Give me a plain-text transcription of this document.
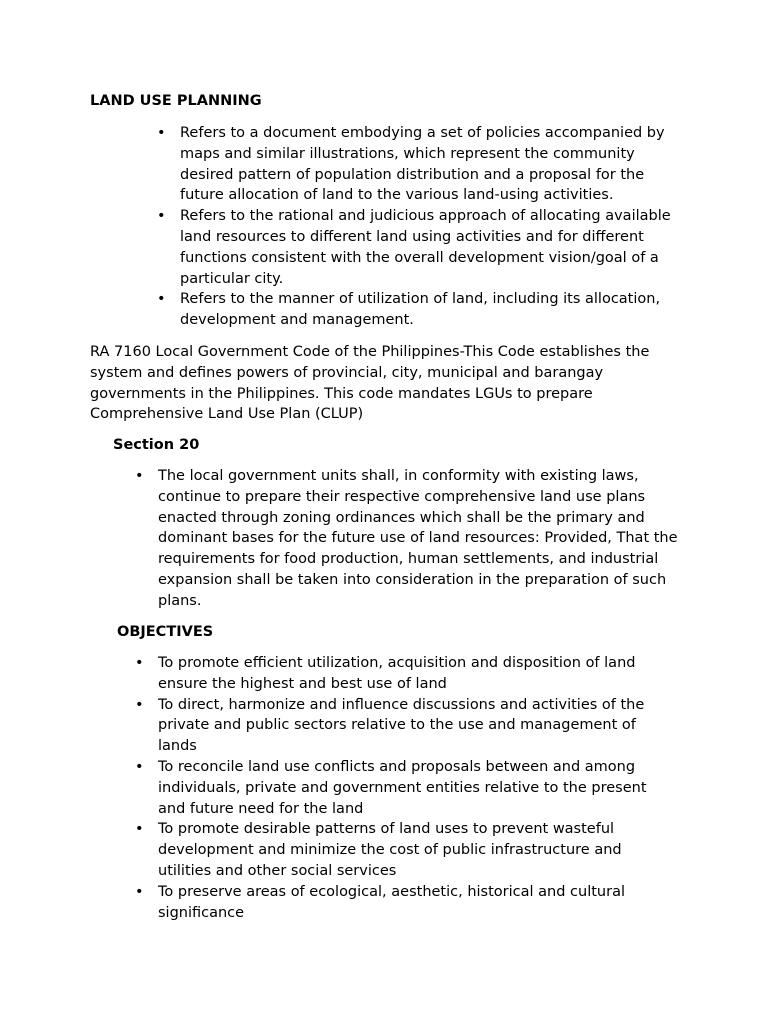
LAND USE PLANNING
• Refers to a document embodying a set of policies accompanied by maps and similar illustrations, which represent the community desired pattern of population distribution and a proposal for the future allocation of land to the various land-using activities.
• Refers to the rational and judicious approach of allocating available land resources to different land using activities and for different functions consistent with the overall development vision/goal of a particular city.
• Refers to the manner of utilization of land, including its allocation, development and management.

RA 7160 Local Government Code of the Philippines-This Code establishes the system and defines powers of provincial, city, municipal and barangay governments in the Philippines. This code mandates LGUs to prepare Comprehensive Land Use Plan (CLUP)

Section 20
• The local government units shall, in conformity with existing laws, continue to prepare their respective comprehensive land use plans enacted through zoning ordinances which shall be the primary and dominant bases for the future use of land resources: Provided, That the requirements for food production, human settlements, and industrial expansion shall be taken into consideration in the preparation of such plans.
OBJECTIVES
• To promote efficient utilization, acquisition and disposition of land ensure the highest and best use of land
• To direct, harmonize and influence discussions and activities of the private and public sectors relative to the use and management of lands
• To reconcile land use conflicts and proposals between and among individuals, private and government entities relative to the present and future need for the land
• To promote desirable patterns of land uses to prevent wasteful development and minimize the cost of public infrastructure and utilities and other social services
• To preserve areas of ecological, aesthetic, historical and cultural significance
